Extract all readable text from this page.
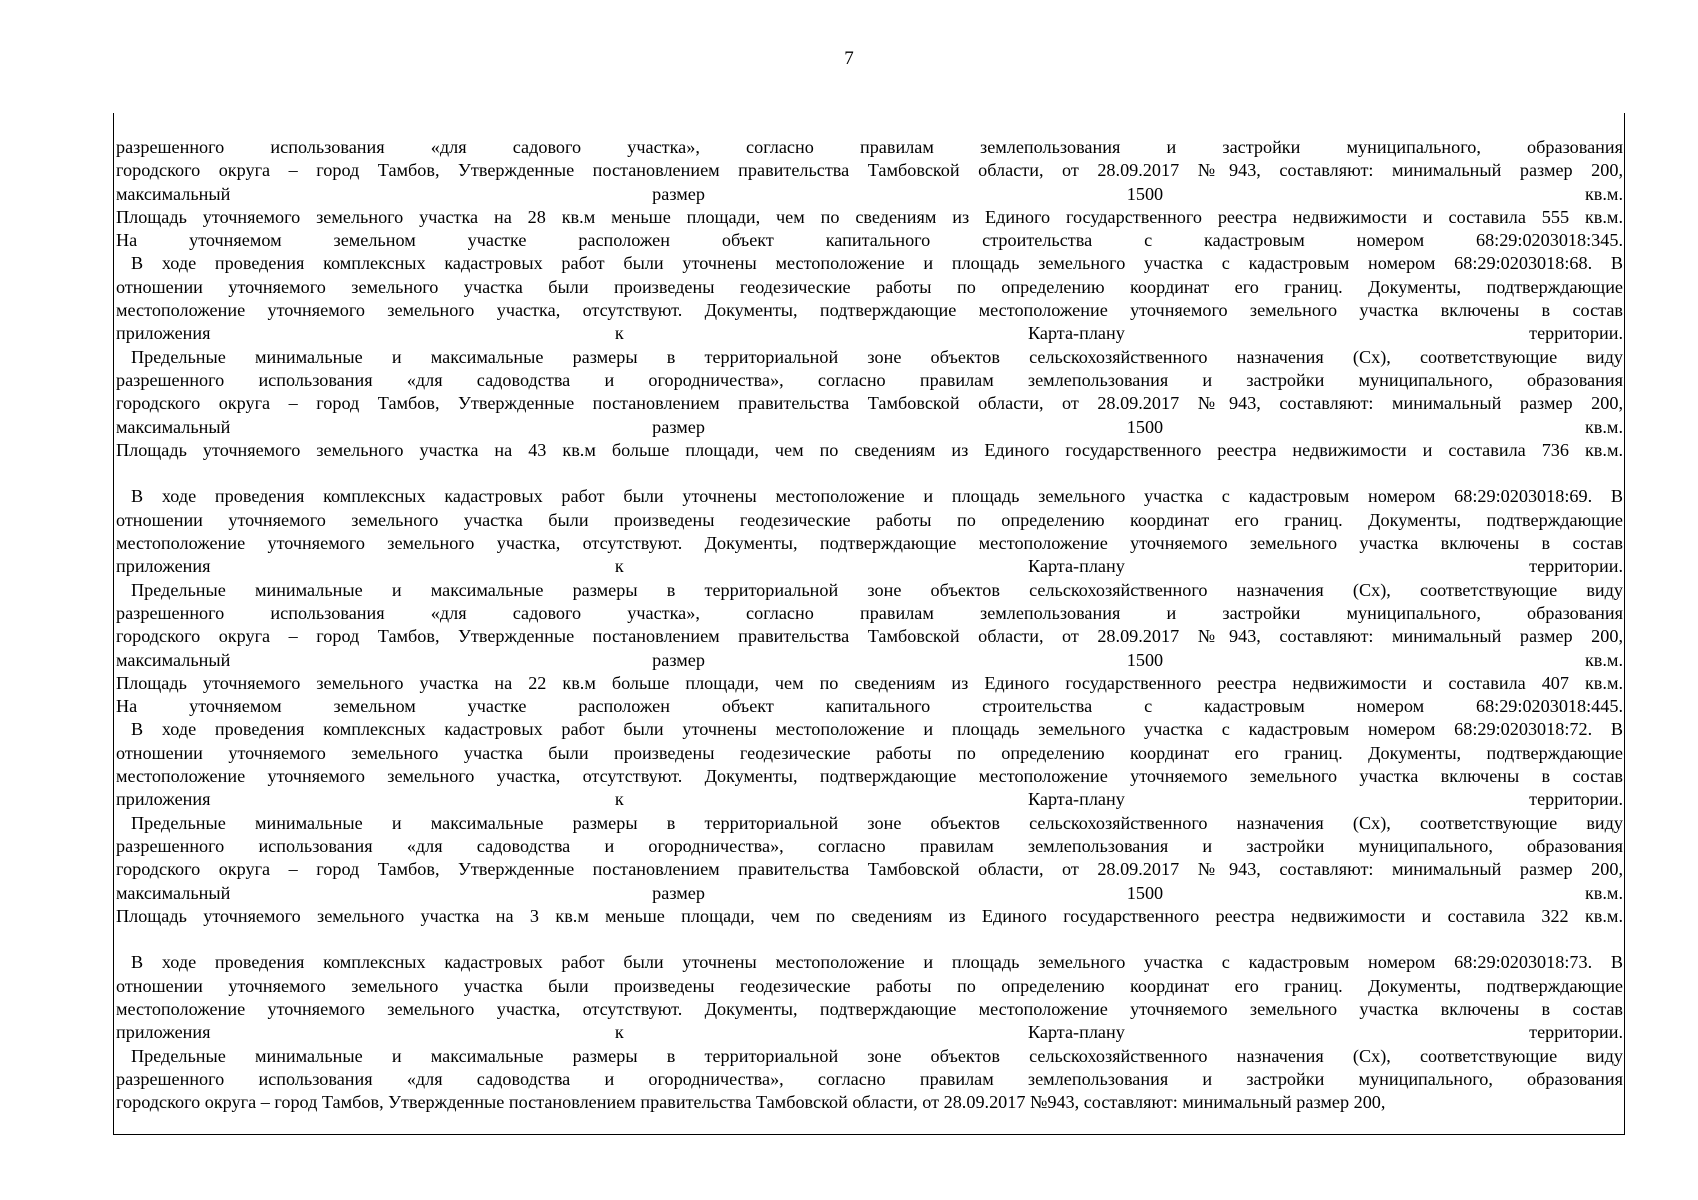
7
разрешенного использования «для садового участка», согласно правилам землепользования и застройки муниципального, образования
городского округа – город Тамбов, Утвержденные постановлением правительства Тамбовской области, от 28.09.2017 №943, составляют: минимальный размер 200,
максимальный размер 1500 кв.м.
Площадь уточняемого земельного участка на 28 кв.м меньше площади, чем по сведениям из Единого государственного реестра недвижимости и составила 555 кв.м.
На уточняемом земельном участке расположен объект капитального строительства с кадастровым номером 68:29:0203018:345.
В ходе проведения комплексных кадастровых работ были уточнены местоположение и площадь земельного участка с кадастровым номером 68:29:0203018:68. В
отношении уточняемого земельного участка были произведены геодезические работы по определению координат его границ. Документы, подтверждающие
местоположение уточняемого земельного участка, отсутствуют. Документы, подтверждающие местоположение уточняемого земельного участка включены в состав
приложения к Карта-плану территории.
Предельные минимальные и максимальные размеры в территориальной зоне объектов сельскохозяйственного назначения (Сх), соответствующие виду
разрешенного использования «для садоводства и огородничества», согласно правилам землепользования и застройки муниципального, образования
городского округа – город Тамбов, Утвержденные постановлением правительства Тамбовской области, от 28.09.2017 №943, составляют: минимальный размер 200,
максимальный размер 1500 кв.м.
Площадь уточняемого земельного участка на 43 кв.м больше площади, чем по сведениям из Единого государственного реестра недвижимости и составила 736 кв.м.
В ходе проведения комплексных кадастровых работ были уточнены местоположение и площадь земельного участка с кадастровым номером 68:29:0203018:69. В
отношении уточняемого земельного участка были произведены геодезические работы по определению координат его границ. Документы, подтверждающие
местоположение уточняемого земельного участка, отсутствуют. Документы, подтверждающие местоположение уточняемого земельного участка включены в состав
приложения к Карта-плану территории.
Предельные минимальные и максимальные размеры в территориальной зоне объектов сельскохозяйственного назначения (Сх), соответствующие виду
разрешенного использования «для садового участка», согласно правилам землепользования и застройки муниципального, образования
городского округа – город Тамбов, Утвержденные постановлением правительства Тамбовской области, от 28.09.2017 №943, составляют: минимальный размер 200,
максимальный размер 1500 кв.м.
Площадь уточняемого земельного участка на 22 кв.м больше площади, чем по сведениям из Единого государственного реестра недвижимости и составила 407 кв.м.
На уточняемом земельном участке расположен объект капитального строительства с кадастровым номером 68:29:0203018:445.
В ходе проведения комплексных кадастровых работ были уточнены местоположение и площадь земельного участка с кадастровым номером 68:29:0203018:72. В
отношении уточняемого земельного участка были произведены геодезические работы по определению координат его границ. Документы, подтверждающие
местоположение уточняемого земельного участка, отсутствуют. Документы, подтверждающие местоположение уточняемого земельного участка включены в состав
приложения к Карта-плану территории.
Предельные минимальные и максимальные размеры в территориальной зоне объектов сельскохозяйственного назначения (Сх), соответствующие виду
разрешенного использования «для садоводства и огородничества», согласно правилам землепользования и застройки муниципального, образования
городского округа – город Тамбов, Утвержденные постановлением правительства Тамбовской области, от 28.09.2017 №943, составляют: минимальный размер 200,
максимальный размер 1500 кв.м.
Площадь уточняемого земельного участка на 3 кв.м меньше площади, чем по сведениям из Единого государственного реестра недвижимости и составила 322 кв.м.
В ходе проведения комплексных кадастровых работ были уточнены местоположение и площадь земельного участка с кадастровым номером 68:29:0203018:73. В
отношении уточняемого земельного участка были произведены геодезические работы по определению координат его границ. Документы, подтверждающие
местоположение уточняемого земельного участка, отсутствуют. Документы, подтверждающие местоположение уточняемого земельного участка включены в состав
приложения к Карта-плану территории.
Предельные минимальные и максимальные размеры в территориальной зоне объектов сельскохозяйственного назначения (Сх), соответствующие виду
разрешенного использования «для садоводства и огородничества», согласно правилам землепользования и застройки муниципального, образования
городского округа – город Тамбов, Утвержденные постановлением правительства Тамбовской области, от 28.09.2017 №943, составляют: минимальный размер 200,
